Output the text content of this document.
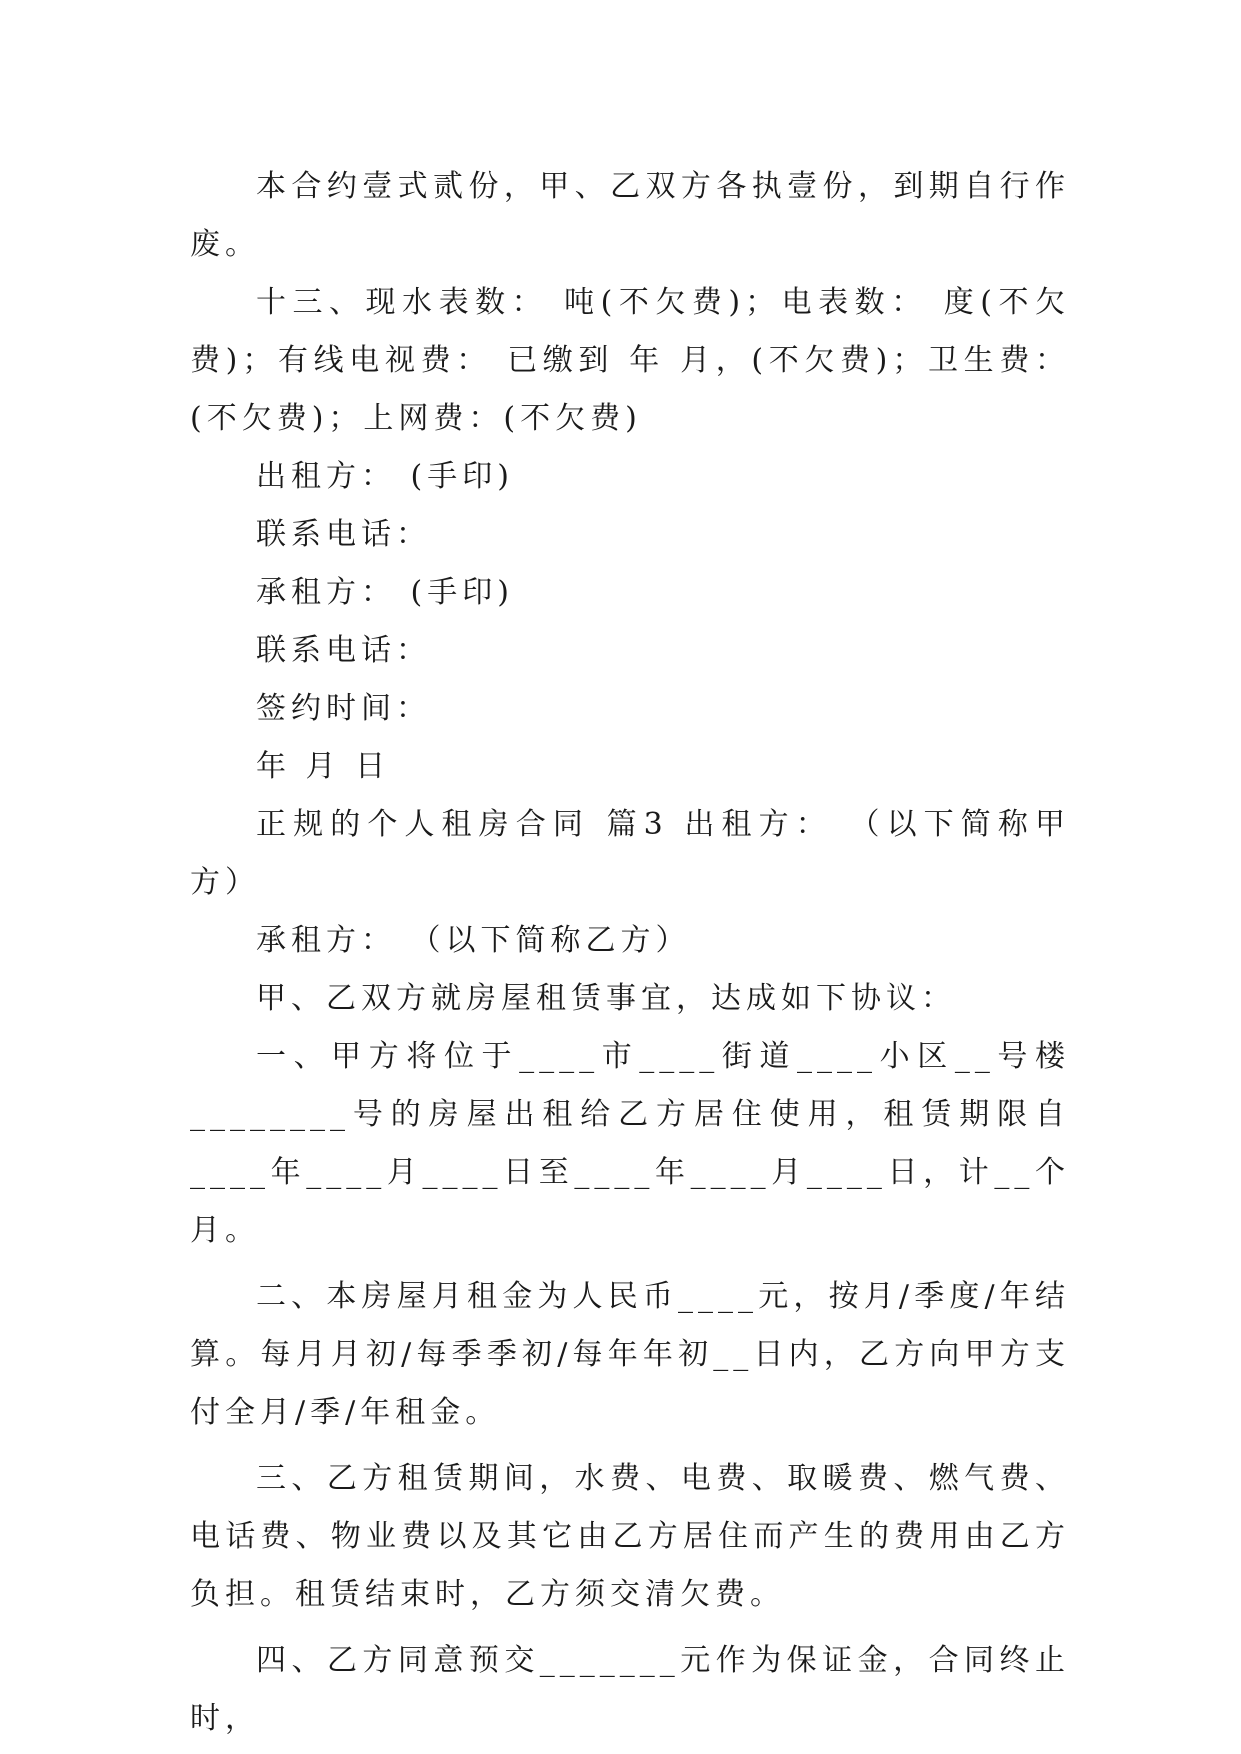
本合约壹式贰份，甲、乙双方各执壹份，到期自行作废。

十三、现水表数： 吨(不欠费)；电表数： 度(不欠费)；有线电视费： 已缴到 年 月，(不欠费)；卫生费：(不欠费)；上网费：(不欠费)

出租方： (手印)

联系电话：

承租方： (手印)

联系电话：

签约时间：

年 月 日

正规的个人租房合同 篇3 出租方： （以下简称甲方）

承租方： （以下简称乙方）

甲、乙双方就房屋租赁事宜，达成如下协议：

一、甲方将位于____市____街道____小区__号楼________号的房屋出租给乙方居住使用，租赁期限自____年____月____日至____年____月____日，计__个月。

二、本房屋月租金为人民币____元，按月/季度/年结算。每月月初/每季季初/每年年初__日内，乙方向甲方支付全月/季/年租金。

三、乙方租赁期间，水费、电费、取暖费、燃气费、电话费、物业费以及其它由乙方居住而产生的费用由乙方负担。租赁结束时，乙方须交清欠费。

四、乙方同意预交_______元作为保证金，合同终止时，
